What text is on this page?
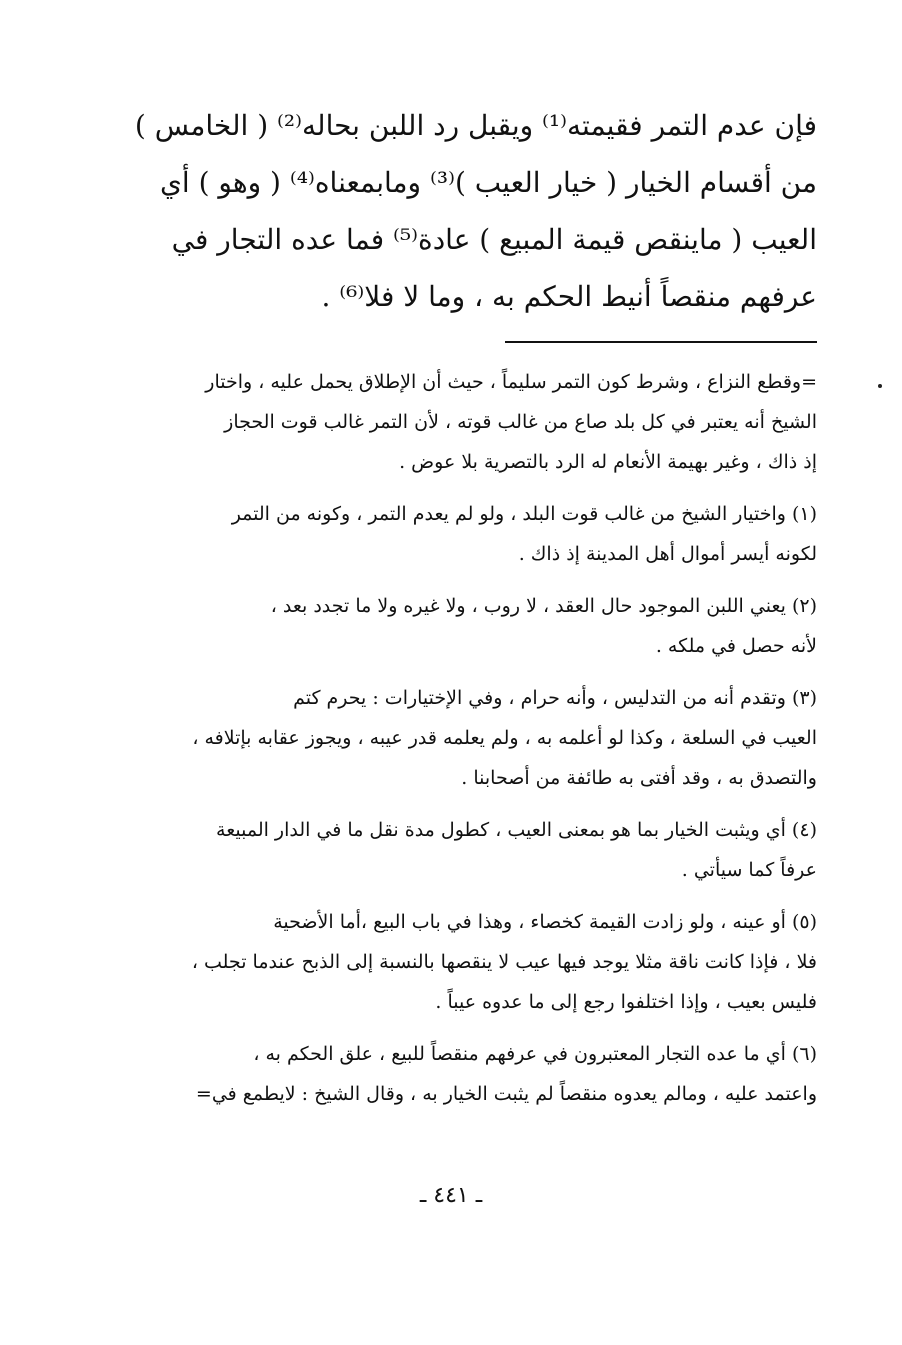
فإن عدم التمر فقيمته⁽¹⁾ ويقبل رد اللبن بحاله⁽²⁾ ( الخامس )
من أقسام الخيار ( خيار العيب )⁽³⁾ ومابمعناه⁽⁴⁾ ( وهو ) أي
العيب ( ماينقص قيمة المبيع ) عادة⁽⁵⁾ فما عده التجار في
عرفهم منقصاً أنيط الحكم به ، وما لا فلا⁽⁶⁾ .
=وقطع النزاع ، وشرط كون التمر سليماً ، حيث أن الإطلاق يحمل عليه ، واختار
الشيخ أنه يعتبر في كل بلد صاع من غالب قوته ، لأن التمر غالب قوت الحجاز
إذ ذاك ، وغير بهيمة الأنعام له الرد بالتصرية بلا عوض .
(١) واختيار الشيخ من غالب قوت البلد ، ولو لم يعدم التمر ، وكونه من التمر
لكونه أيسر أموال أهل المدينة إذ ذاك .
(٢) يعني اللبن الموجود حال العقد ، لا روب ، ولا غيره ولا ما تجدد بعد ،
لأنه حصل في ملكه .
(٣) وتقدم أنه من التدليس ، وأنه حرام ، وفي الإختيارات : يحرم كتم
العيب في السلعة ، وكذا لو أعلمه به ، ولم يعلمه قدر عيبه ، ويجوز عقابه بإتلافه ،
والتصدق به ، وقد أفتى به طائفة من أصحابنا .
(٤) أي ويثبت الخيار بما هو بمعنى العيب ، كطول مدة نقل ما في الدار المبيعة
عرفاً كما سيأتي .
(٥) أو عينه ، ولو زادت القيمة كخصاء ، وهذا في باب البيع ،أما الأضحية
فلا ، فإذا كانت ناقة مثلا يوجد فيها عيب لا ينقصها بالنسبة إلى الذبح عندما تجلب ،
فليس بعيب ، وإذا اختلفوا رجع إلى ما عدوه عيباً .
(٦) أي ما عده التجار المعتبرون في عرفهم منقصاً للبيع ، علق الحكم به ،
واعتمد عليه ، ومالم يعدوه منقصاً لم يثبت الخيار به ، وقال الشيخ : لايطمع في=
ـ ٤٤١ ـ
